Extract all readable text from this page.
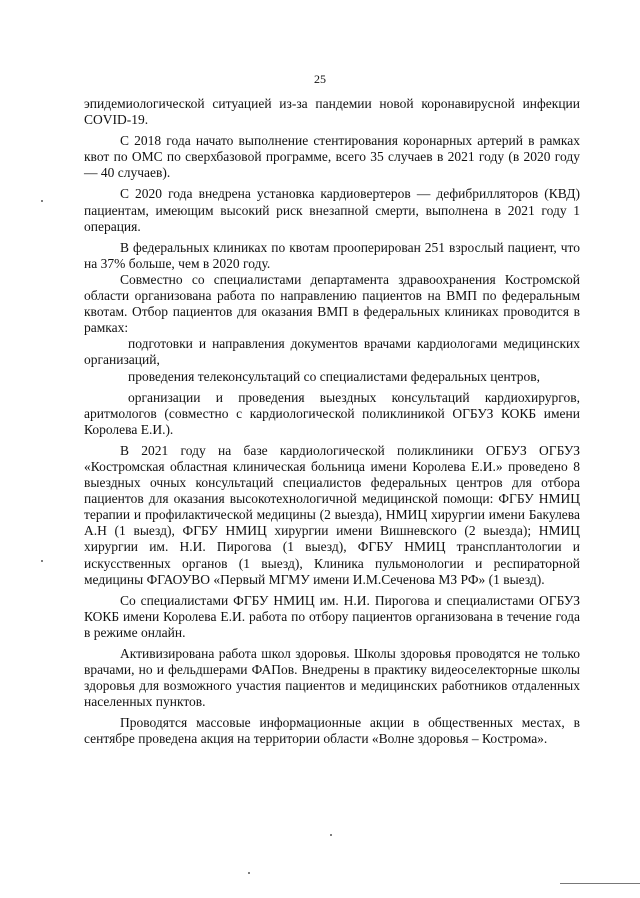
25

эпидемиологической ситуацией из-за пандемии новой коронавирусной инфекции COVID-19.

С 2018 года начато выполнение стентирования коронарных артерий в рамках квот по ОМС по сверхбазовой программе, всего 35 случаев в 2021 году (в 2020 году — 40 случаев).

С 2020 года внедрена установка кардиовертеров — дефибрилляторов (КВД) пациентам, имеющим высокий риск внезапной смерти, выполнена в 2021 году 1 операция.

В федеральных клиниках по квотам прооперирован 251 взрослый пациент, что на 37% больше, чем в 2020 году.

Совместно со специалистами департамента здравоохранения Костромской области организована работа по направлению пациентов на ВМП по федеральным квотам. Отбор пациентов для оказания ВМП в федеральных клиниках проводится в рамках:

подготовки и направления документов врачами кардиологами медицинских организаций,

проведения телеконсультаций со специалистами федеральных центров,

организации и проведения выездных консультаций кардиохирургов, аритмологов (совместно с кардиологической поликлиникой ОГБУЗ КОКБ имени Королева Е.И.).

В 2021 году на базе кардиологической поликлиники ОГБУЗ ОГБУЗ «Костромская областная клиническая больница имени Королева Е.И.» проведено 8 выездных очных консультаций специалистов федеральных центров для отбора пациентов для оказания высокотехнологичной медицинской помощи: ФГБУ НМИЦ терапии и профилактической медицины (2 выезда), НМИЦ хирургии имени Бакулева А.Н (1 выезд), ФГБУ НМИЦ хирургии имени Вишневского (2 выезда); НМИЦ хирургии им. Н.И. Пирогова (1 выезд), ФГБУ НМИЦ трансплантологии и искусственных органов (1 выезд), Клиника пульмонологии и респираторной медицины ФГАОУВО «Первый МГМУ имени И.М.Сеченова МЗ РФ» (1 выезд).

Со специалистами ФГБУ НМИЦ им. Н.И. Пирогова и специалистами ОГБУЗ КОКБ имени Королева Е.И. работа по отбору пациентов организована в течение года в режиме онлайн.

Активизирована работа школ здоровья. Школы здоровья проводятся не только врачами, но и фельдшерами ФАПов. Внедрены в практику видеоселекторные школы здоровья для возможного участия пациентов и медицинских работников отдаленных населенных пунктов.

Проводятся массовые информационные акции в общественных местах, в сентябре проведена акция на территории области «Волне здоровья – Кострома».
